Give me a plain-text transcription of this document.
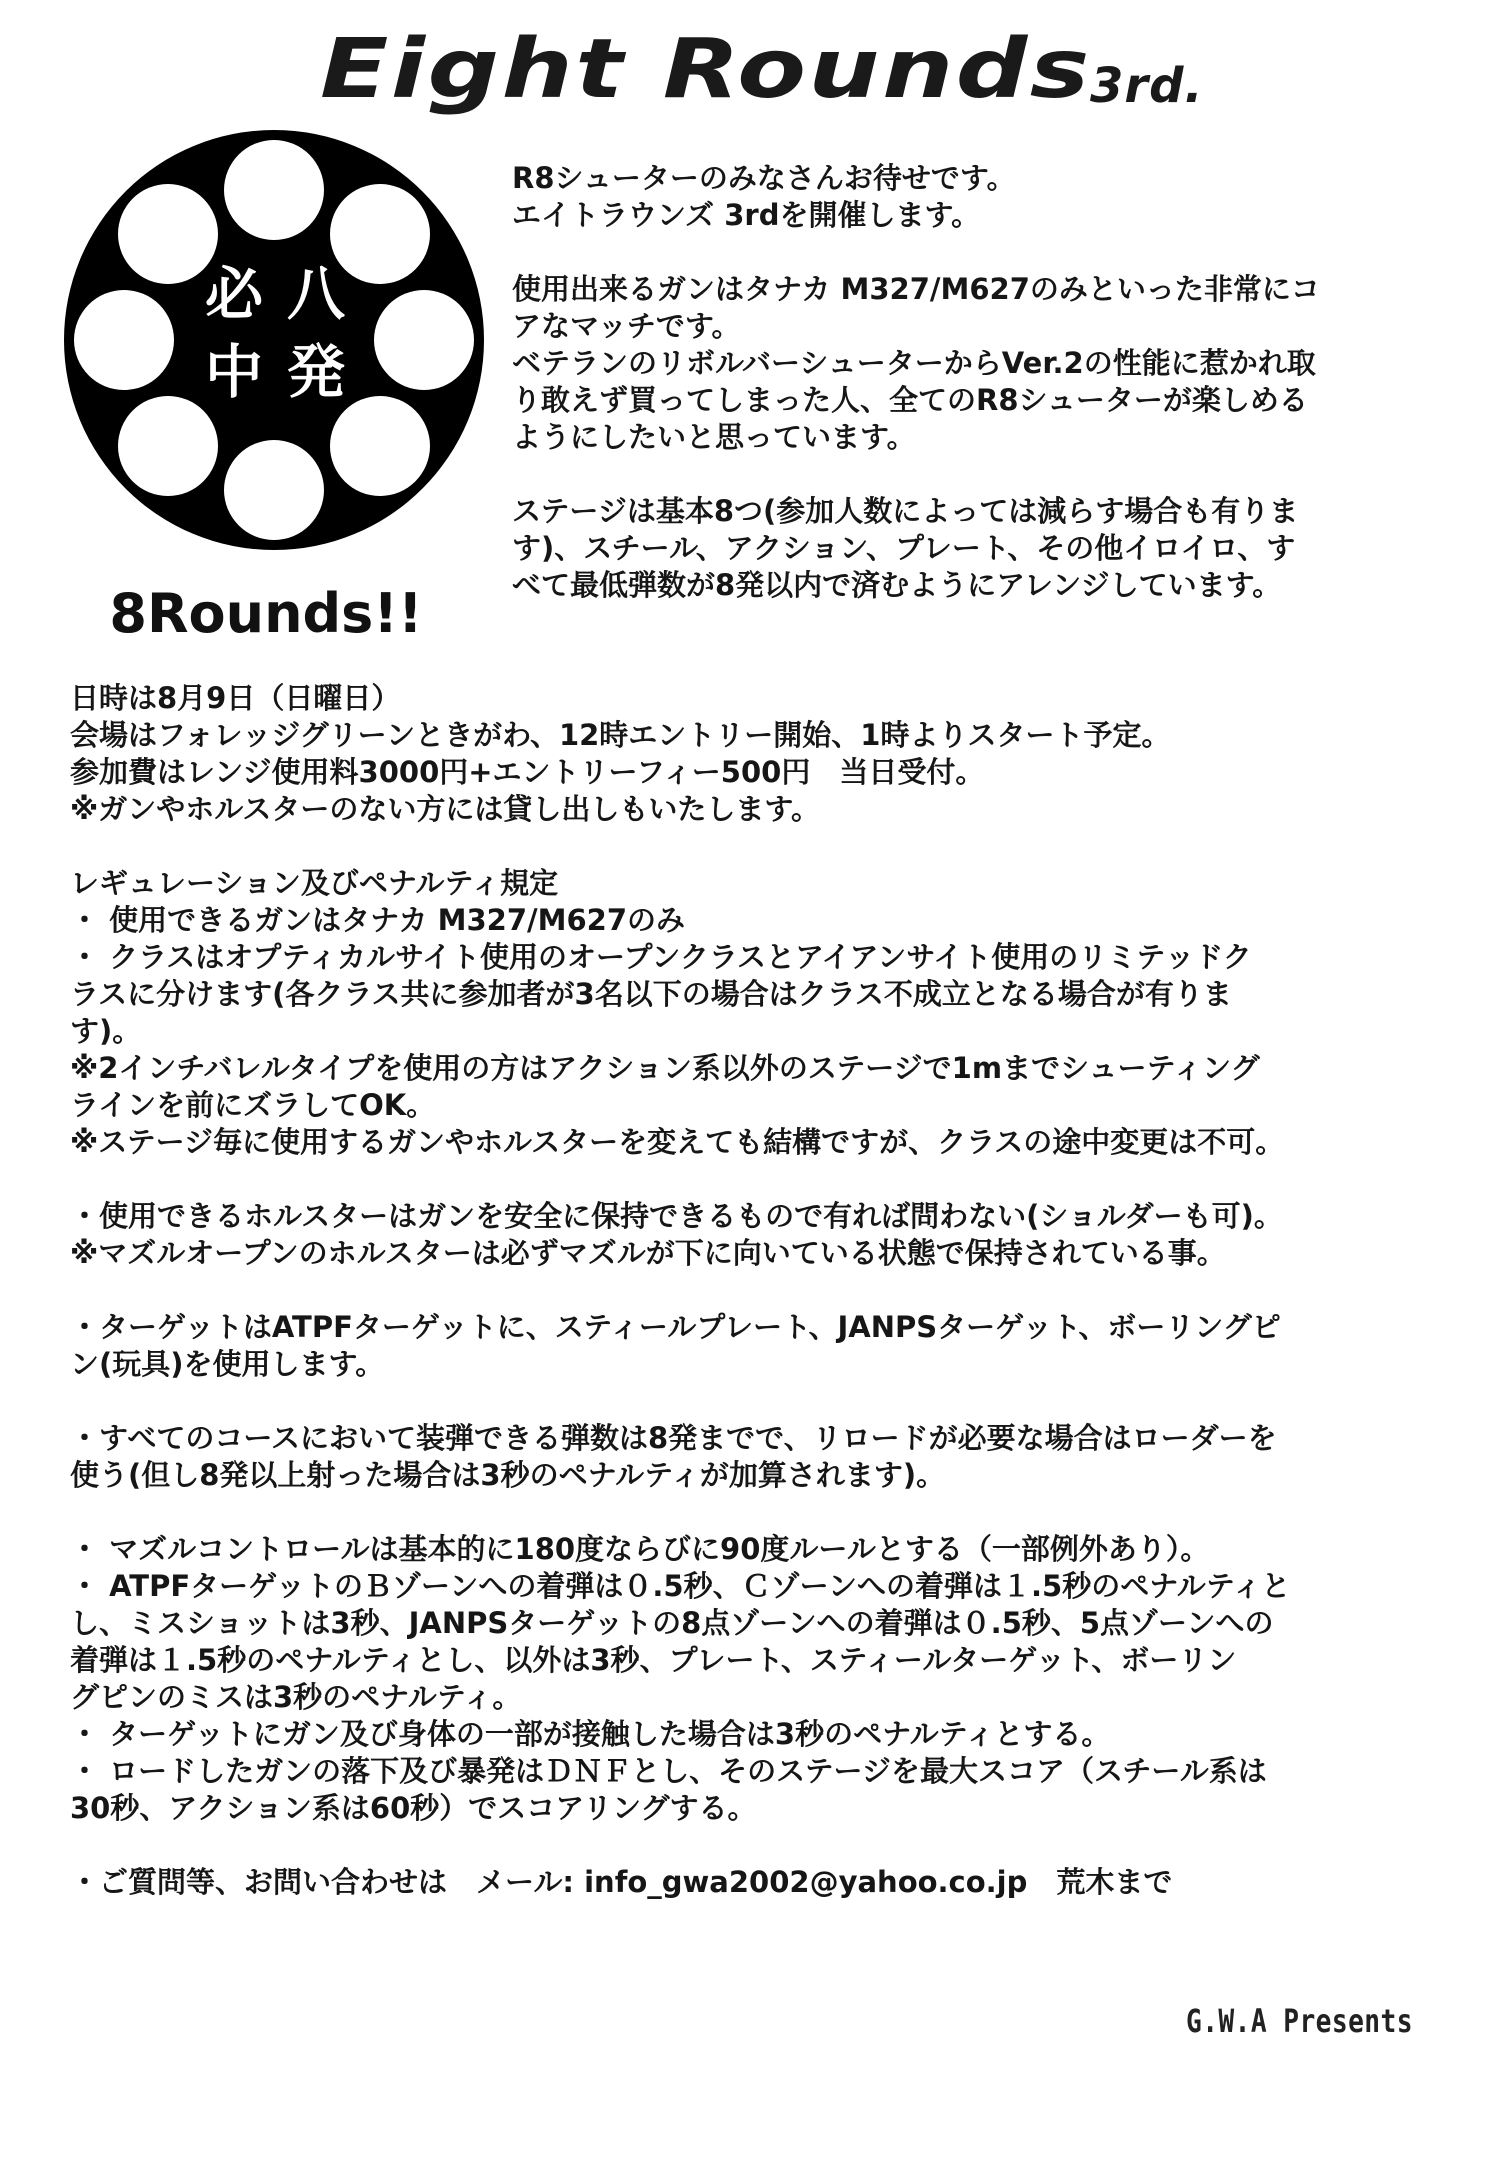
Eight Rounds
3rd.
八
発
必
中
8Rounds!!

R8シューターのみなさんお待せです。
エイトラウンズ 3rdを開催します。

使用出来るガンはタナカ M327/M627のみといった非常にコ
アなマッチです。
ベテランのリボルバーシューターからVer.2の性能に惹かれ取
り敢えず買ってしまった人、全てのR8シューターが楽しめる
ようにしたいと思っています。

ステージは基本8つ(参加人数によっては減らす場合も有りま
す)、スチール、アクション、プレート、その他イロイロ、す
べて最低弾数が8発以内で済むようにアレンジしています。

日時は8月9日（日曜日）
会場はフォレッジグリーンときがわ、12時エントリー開始、1時よりスタート予定。
参加費はレンジ使用料3000円+エントリーフィー500円　当日受付。
※ガンやホルスターのない方には貸し出しもいたします。
レギュレーション及びペナルティ規定
・ 使用できるガンはタナカ M327/M627のみ
・ クラスはオプティカルサイト使用のオープンクラスとアイアンサイト使用のリミテッドク
ラスに分けます(各クラス共に参加者が3名以下の場合はクラス不成立となる場合が有りま
す)。
※2インチバレルタイプを使用の方はアクション系以外のステージで1mまでシューティング
ラインを前にズラしてOK。
※ステージ毎に使用するガンやホルスターを変えても結構ですが、クラスの途中変更は不可。
・使用できるホルスターはガンを安全に保持できるもので有れば問わない(ショルダーも可)。
※マズルオープンのホルスターは必ずマズルが下に向いている状態で保持されている事。
・ターゲットはATPFターゲットに、スティールプレート、JANPSターゲット、ボーリングピ
ン(玩具)を使用します。
・すべてのコースにおいて装弾できる弾数は8発までで、リロードが必要な場合はローダーを
使う(但し8発以上射った場合は3秒のペナルティが加算されます)。
・ マズルコントロールは基本的に180度ならびに90度ルールとする（一部例外あり）。
・ ATPFターゲットのＢゾーンへの着弾は０.5秒、Ｃゾーンへの着弾は１.5秒のペナルティと
し、ミスショットは3秒、JANPSターゲットの8点ゾーンへの着弾は０.5秒、5点ゾーンへの
着弾は１.5秒のペナルティとし、以外は3秒、プレート、スティールターゲット、ボーリン
グピンのミスは3秒のペナルティ。
・ ターゲットにガン及び身体の一部が接触した場合は3秒のペナルティとする。
・ ロードしたガンの落下及び暴発はＤＮＦとし、そのステージを最大スコア（スチール系は
30秒、アクション系は60秒）でスコアリングする。
・ご質問等、お問い合わせは　メール: info_gwa2002@yahoo.co.jp　荒木まで
G.W.A Presents
